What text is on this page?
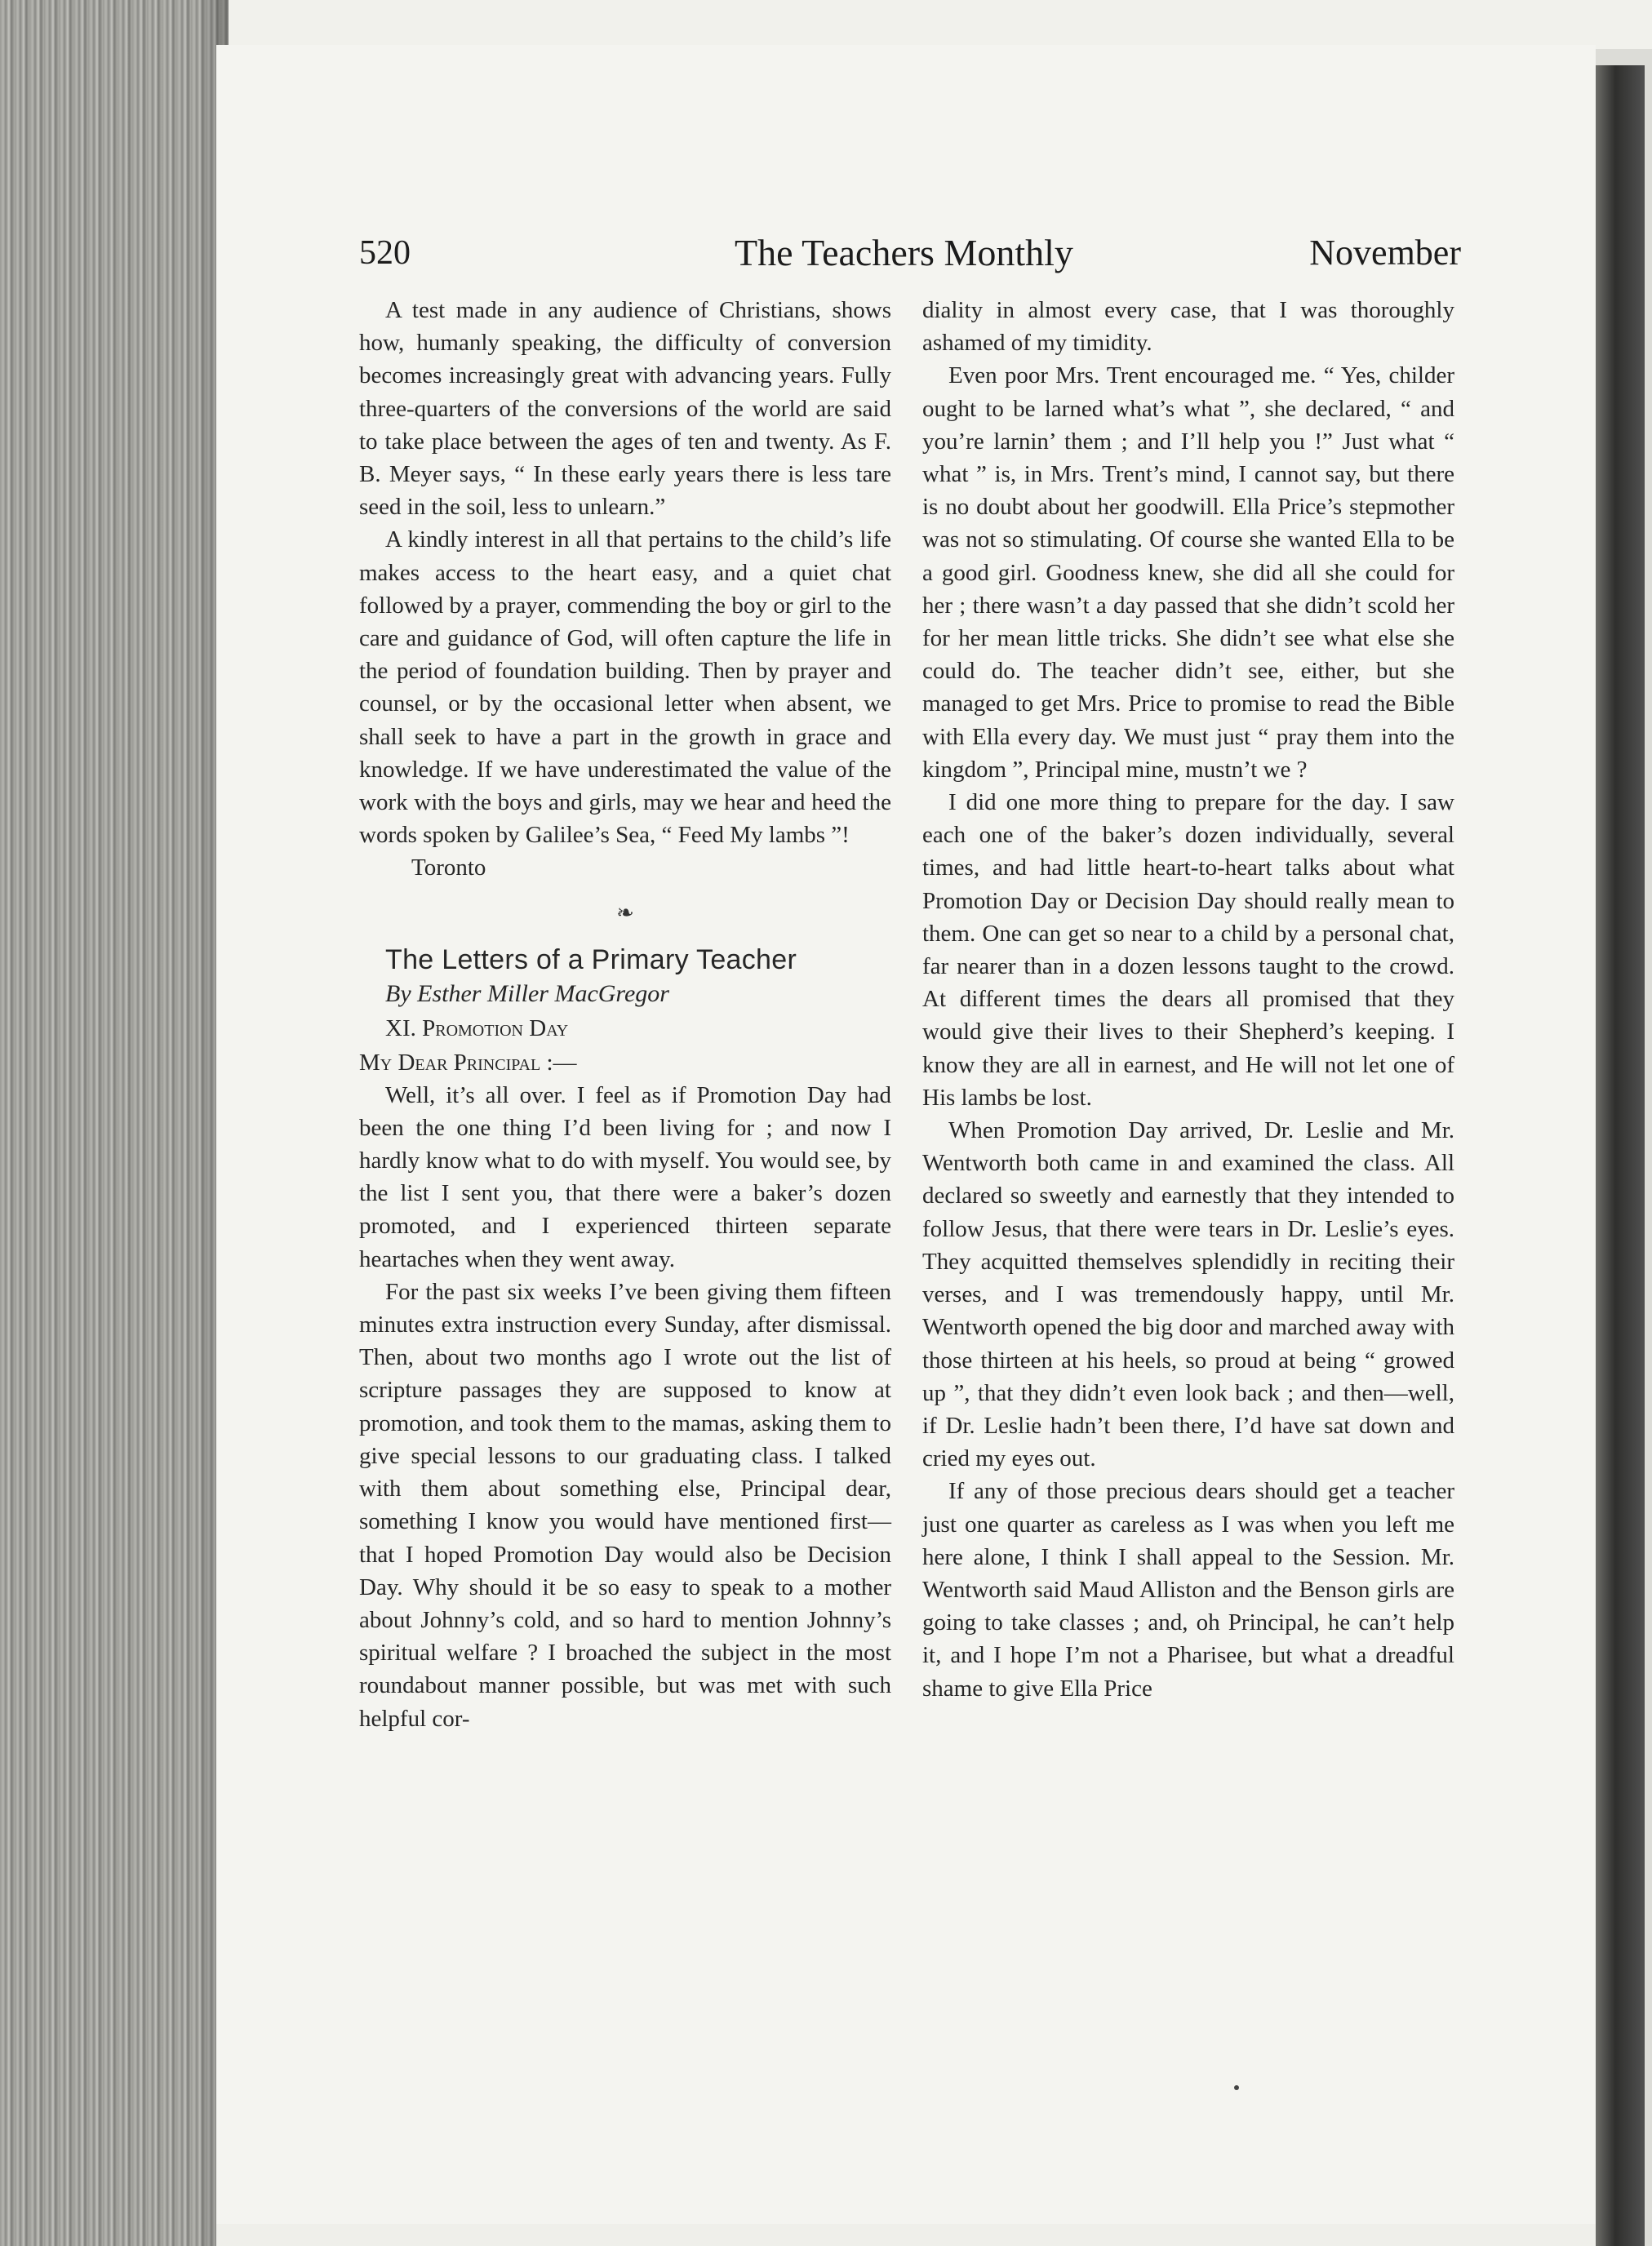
520	The Teachers Monthly	November

A test made in any audience of Christians, shows how, humanly speaking, the difficulty of conversion becomes increasingly great with advancing years. Fully three-quarters of the conversions of the world are said to take place between the ages of ten and twenty. As F. B. Meyer says, “ In these early years there is less tare seed in the soil, less to unlearn.”

A kindly interest in all that pertains to the child’s life makes access to the heart easy, and a quiet chat followed by a prayer, commending the boy or girl to the care and guidance of God, will often capture the life in the period of foundation building. Then by prayer and counsel, or by the occasional letter when absent, we shall seek to have a part in the growth in grace and knowledge. If we have underestimated the value of the work with the boys and girls, may we hear and heed the words spoken by Galilee’s Sea, “ Feed My lambs ”!

Toronto

❧

The Letters of a Primary Teacher

By Esther Miller MacGregor

XI. Promotion Day

My Dear Principal :—

Well, it’s all over. I feel as if Promotion Day had been the one thing I’d been living for ; and now I hardly know what to do with myself. You would see, by the list I sent you, that there were a baker’s dozen promoted, and I experienced thirteen separate heartaches when they went away.

For the past six weeks I’ve been giving them fifteen minutes extra instruction every Sunday, after dismissal. Then, about two months ago I wrote out the list of scripture passages they are supposed to know at promotion, and took them to the mamas, asking them to give special lessons to our graduating class. I talked with them about something else, Principal dear, something I know you would have mentioned first—that I hoped Promotion Day would also be Decision Day. Why should it be so easy to speak to a mother about Johnny’s cold, and so hard to mention Johnny’s spiritual welfare ? I broached the subject in the most roundabout manner possible, but was met with such helpful cor-

diality in almost every case, that I was thoroughly ashamed of my timidity.

Even poor Mrs. Trent encouraged me. “ Yes, childer ought to be larned what’s what ”, she declared, “ and you’re larnin’ them ; and I’ll help you !” Just what “ what ” is, in Mrs. Trent’s mind, I cannot say, but there is no doubt about her goodwill. Ella Price’s stepmother was not so stimulating. Of course she wanted Ella to be a good girl. Goodness knew, she did all she could for her ; there wasn’t a day passed that she didn’t scold her for her mean little tricks. She didn’t see what else she could do. The teacher didn’t see, either, but she managed to get Mrs. Price to promise to read the Bible with Ella every day. We must just “ pray them into the kingdom ”, Principal mine, mustn’t we ?

I did one more thing to prepare for the day. I saw each one of the baker’s dozen individually, several times, and had little heart-to-heart talks about what Promotion Day or Decision Day should really mean to them. One can get so near to a child by a personal chat, far nearer than in a dozen lessons taught to the crowd. At different times the dears all promised that they would give their lives to their Shepherd’s keeping. I know they are all in earnest, and He will not let one of His lambs be lost.

When Promotion Day arrived, Dr. Leslie and Mr. Wentworth both came in and examined the class. All declared so sweetly and earnestly that they intended to follow Jesus, that there were tears in Dr. Leslie’s eyes. They acquitted themselves splendidly in reciting their verses, and I was tremendously happy, until Mr. Wentworth opened the big door and marched away with those thirteen at his heels, so proud at being “ growed up ”, that they didn’t even look back ; and then—well, if Dr. Leslie hadn’t been there, I’d have sat down and cried my eyes out.

If any of those precious dears should get a teacher just one quarter as careless as I was when you left me here alone, I think I shall appeal to the Session. Mr. Wentworth said Maud Alliston and the Benson girls are going to take classes ; and, oh Principal, he can’t help it, and I hope I’m not a Pharisee, but what a dreadful shame to give Ella Price
